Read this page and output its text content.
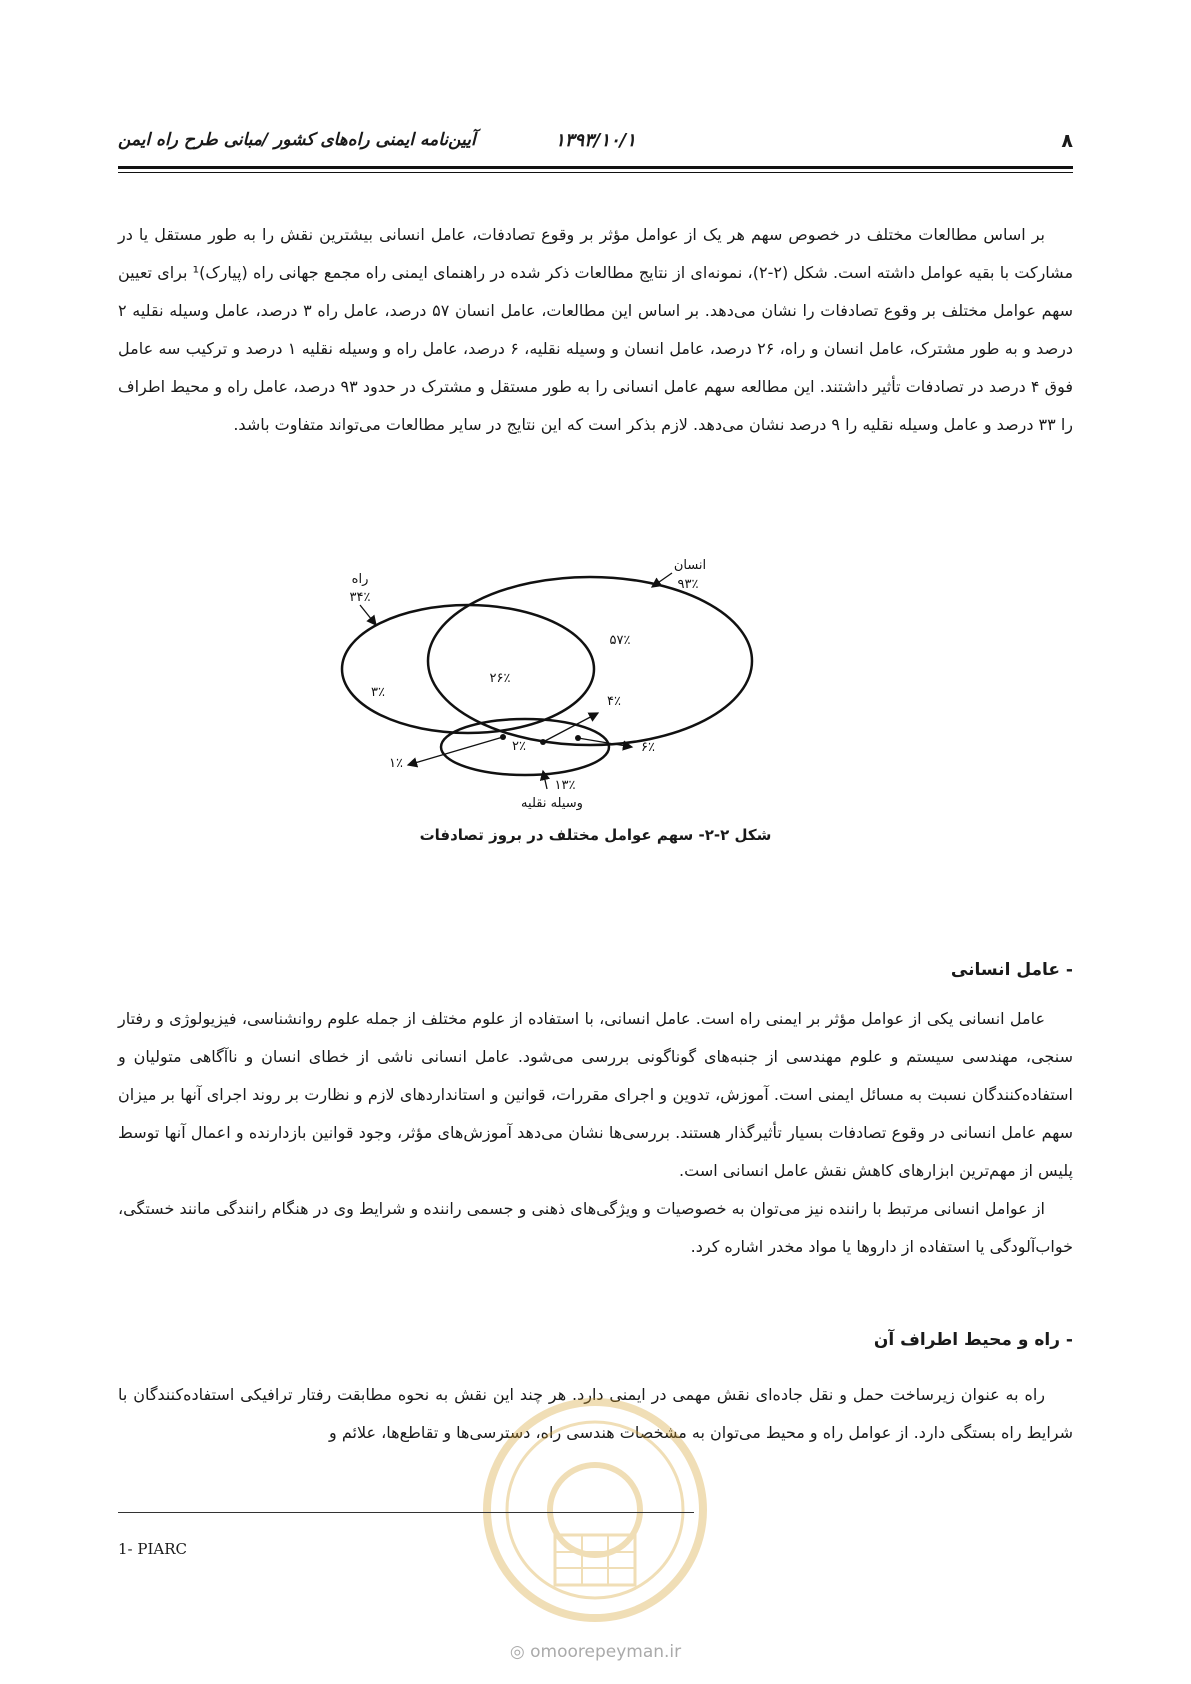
۸
۱۳۹۳/۱۰/۱
آیین‌نامه ایمنی راه‌های کشور /مبانی طرح راه ایمن

بر اساس مطالعات مختلف در خصوص سهم هر یک از عوامل مؤثر بر وقوع تصادفات، عامل انسانی بیشترین نقش را به طور مستقل یا در مشارکت با بقیه عوامل داشته است. شکل (۲-۲)، نمونه‌ای از نتایج مطالعات ذکر شده در راهنمای ایمنی راه مجمع جهانی راه (پیارک)¹ برای تعیین سهم عوامل مختلف بر وقوع تصادفات را نشان می‌دهد. بر اساس این مطالعات، عامل انسان ۵۷ درصد، عامل راه ۳ درصد، عامل وسیله نقلیه ۲ درصد و به طور مشترک، عامل انسان و راه، ۲۶ درصد، عامل انسان و وسیله نقلیه، ۶ درصد، عامل راه و وسیله نقلیه ۱ درصد و ترکیب سه عامل فوق ۴ درصد در تصادفات تأثیر داشتند. این مطالعه سهم عامل انسانی را به طور مستقل و مشترک در حدود ۹۳ درصد، عامل راه و محیط اطراف را ۳۳ درصد و عامل وسیله نقلیه را ۹ درصد نشان می‌دهد. لازم بذکر است که این نتایج در سایر مطالعات می‌تواند متفاوت باشد.

انسان
۹۳٪
راه
۳۴٪
۵۷٪
۲۶٪
۳٪
۴٪
۲٪
۱٪
۶٪
۱۳٪
وسیله نقلیه
شکل ۲-۲- سهم عوامل مختلف در بروز تصادفات
- عامل انسانی

عامل انسانی یکی از عوامل مؤثر بر ایمنی راه است. عامل انسانی، با استفاده از علوم مختلف از جمله علوم روانشناسی، فیزیولوژی و رفتار سنجی، مهندسی سیستم و علوم مهندسی از جنبه‌های گوناگونی بررسی می‌شود. عامل انسانی ناشی از خطای انسان و ناآگاهی متولیان و استفاده‌کنندگان نسبت به مسائل ایمنی است. آموزش، تدوین و اجرای مقررات، قوانین و استانداردهای لازم و نظارت بر روند اجرای آنها بر میزان سهم عامل انسانی در وقوع تصادفات بسیار تأثیرگذار هستند. بررسی‌ها نشان می‌دهد آموزش‌های مؤثر، وجود قوانین بازدارنده و اعمال آنها توسط پلیس از مهم‌ترین ابزارهای کاهش نقش عامل انسانی است.

از عوامل انسانی مرتبط با راننده نیز می‌توان به خصوصیات و ویژگی‌های ذهنی و جسمی راننده و شرایط وی در هنگام رانندگی مانند خستگی، خواب‌آلودگی یا استفاده از داروها یا مواد مخدر اشاره کرد.

- راه و محیط اطراف آن

راه به عنوان زیرساخت حمل و نقل جاده‌ای نقش مهمی در ایمنی دارد. هر چند این نقش به نحوه مطابقت رفتار ترافیکی استفاده‌کنندگان با شرایط راه بستگی دارد. از عوامل راه و محیط می‌توان به مشخصات هندسی راه، دسترسی‌ها و تقاطع‌ها، علائم و

1- PIARC
◎ omoorepeyman.ir
